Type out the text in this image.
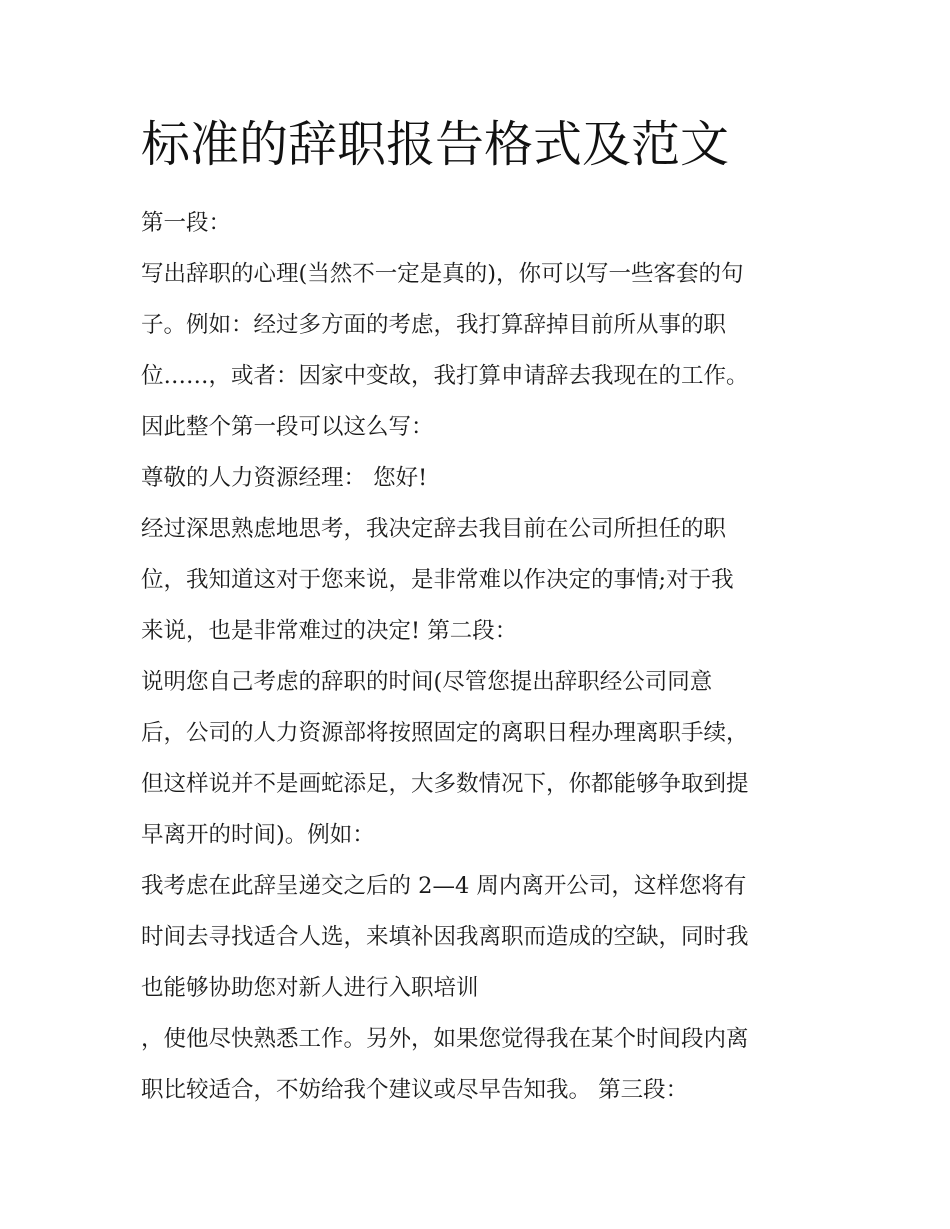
标准的辞职报告格式及范文
第一段：
写出辞职的心理(当然不一定是真的)，你可以写一些客套的句
子。例如：经过多方面的考虑，我打算辞掉目前所从事的职
位……，或者：因家中变故，我打算申请辞去我现在的工作。
因此整个第一段可以这么写：
尊敬的人力资源经理： 您好!
经过深思熟虑地思考，我决定辞去我目前在公司所担任的职
位，我知道这对于您来说，是非常难以作决定的事情;对于我
来说，也是非常难过的决定! 第二段：
说明您自己考虑的辞职的时间(尽管您提出辞职经公司同意
后，公司的人力资源部将按照固定的离职日程办理离职手续，
但这样说并不是画蛇添足，大多数情况下，你都能够争取到提
早离开的时间)。例如：
我考虑在此辞呈递交之后的 2—4 周内离开公司，这样您将有
时间去寻找适合人选，来填补因我离职而造成的空缺，同时我
也能够协助您对新人进行入职培训
，使他尽快熟悉工作。另外，如果您觉得我在某个时间段内离
职比较适合，不妨给我个建议或尽早告知我。 第三段：
